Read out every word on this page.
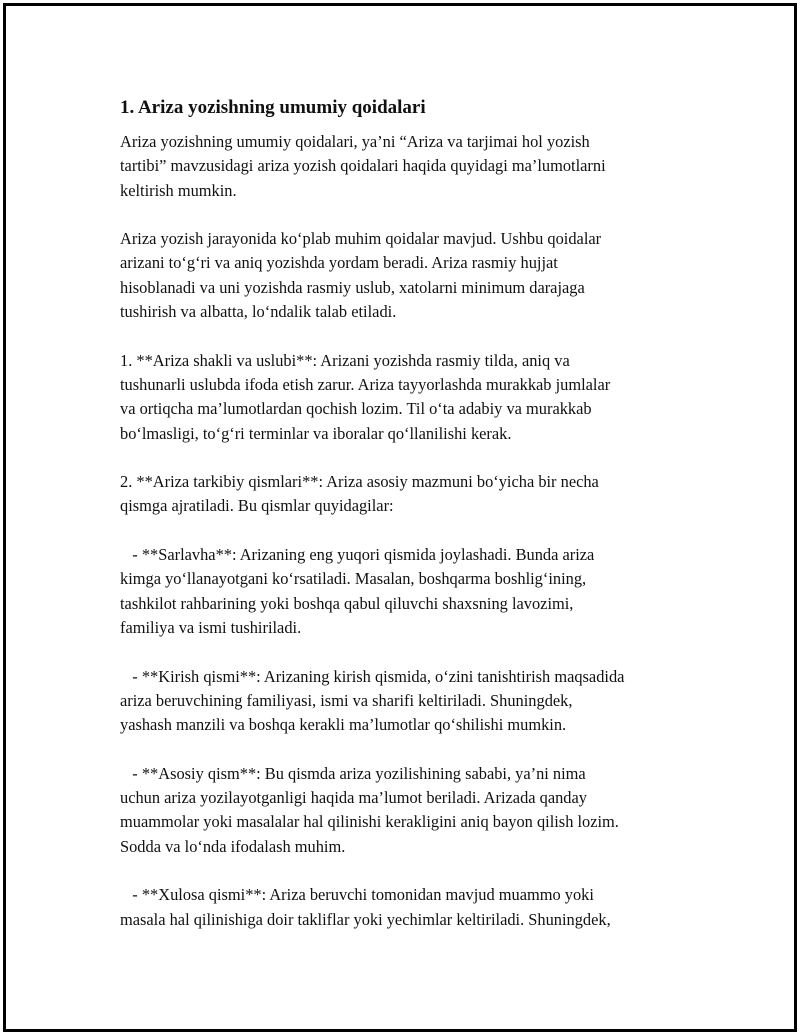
1. Ariza yozishning umumiy qoidalari

Ariza yozishning umumiy qoidalari, ya’ni “Ariza va tarjimai hol yozish
tartibi” mavzusidagi ariza yozish qoidalari haqida quyidagi ma’lumotlarni
keltirish mumkin.

Ariza yozish jarayonida ko‘plab muhim qoidalar mavjud. Ushbu qoidalar
arizani to‘g‘ri va aniq yozishda yordam beradi. Ariza rasmiy hujjat
hisoblanadi va uni yozishda rasmiy uslub, xatolarni minimum darajaga
tushirish va albatta, lo‘ndalik talab etiladi.

1. **Ariza shakli va uslubi**: Arizani yozishda rasmiy tilda, aniq va
tushunarli uslubda ifoda etish zarur. Ariza tayyorlashda murakkab jumlalar
va ortiqcha ma’lumotlardan qochish lozim. Til o‘ta adabiy va murakkab
bo‘lmasligi, to‘g‘ri terminlar va iboralar qo‘llanilishi kerak.

2. **Ariza tarkibiy qismlari**: Ariza asosiy mazmuni bo‘yicha bir necha
qismga ajratiladi. Bu qismlar quyidagilar:

- **Sarlavha**: Arizaning eng yuqori qismida joylashadi. Bunda ariza
kimga yo‘llanayotgani ko‘rsatiladi. Masalan, boshqarma boshlig‘ining,
tashkilot rahbarining yoki boshqa qabul qiluvchi shaxsning lavozimi,
familiya va ismi tushiriladi.

- **Kirish qismi**: Arizaning kirish qismida, o‘zini tanishtirish maqsadida
ariza beruvchining familiyasi, ismi va sharifi keltiriladi. Shuningdek,
yashash manzili va boshqa kerakli ma’lumotlar qo‘shilishi mumkin.

- **Asosiy qism**: Bu qismda ariza yozilishining sababi, ya’ni nima
uchun ariza yozilayotganligi haqida ma’lumot beriladi. Arizada qanday
muammolar yoki masalalar hal qilinishi kerakligini aniq bayon qilish lozim.
Sodda va lo‘nda ifodalash muhim.

- **Xulosa qismi**: Ariza beruvchi tomonidan mavjud muammo yoki
masala hal qilinishiga doir takliflar yoki yechimlar keltiriladi. Shuningdek,
